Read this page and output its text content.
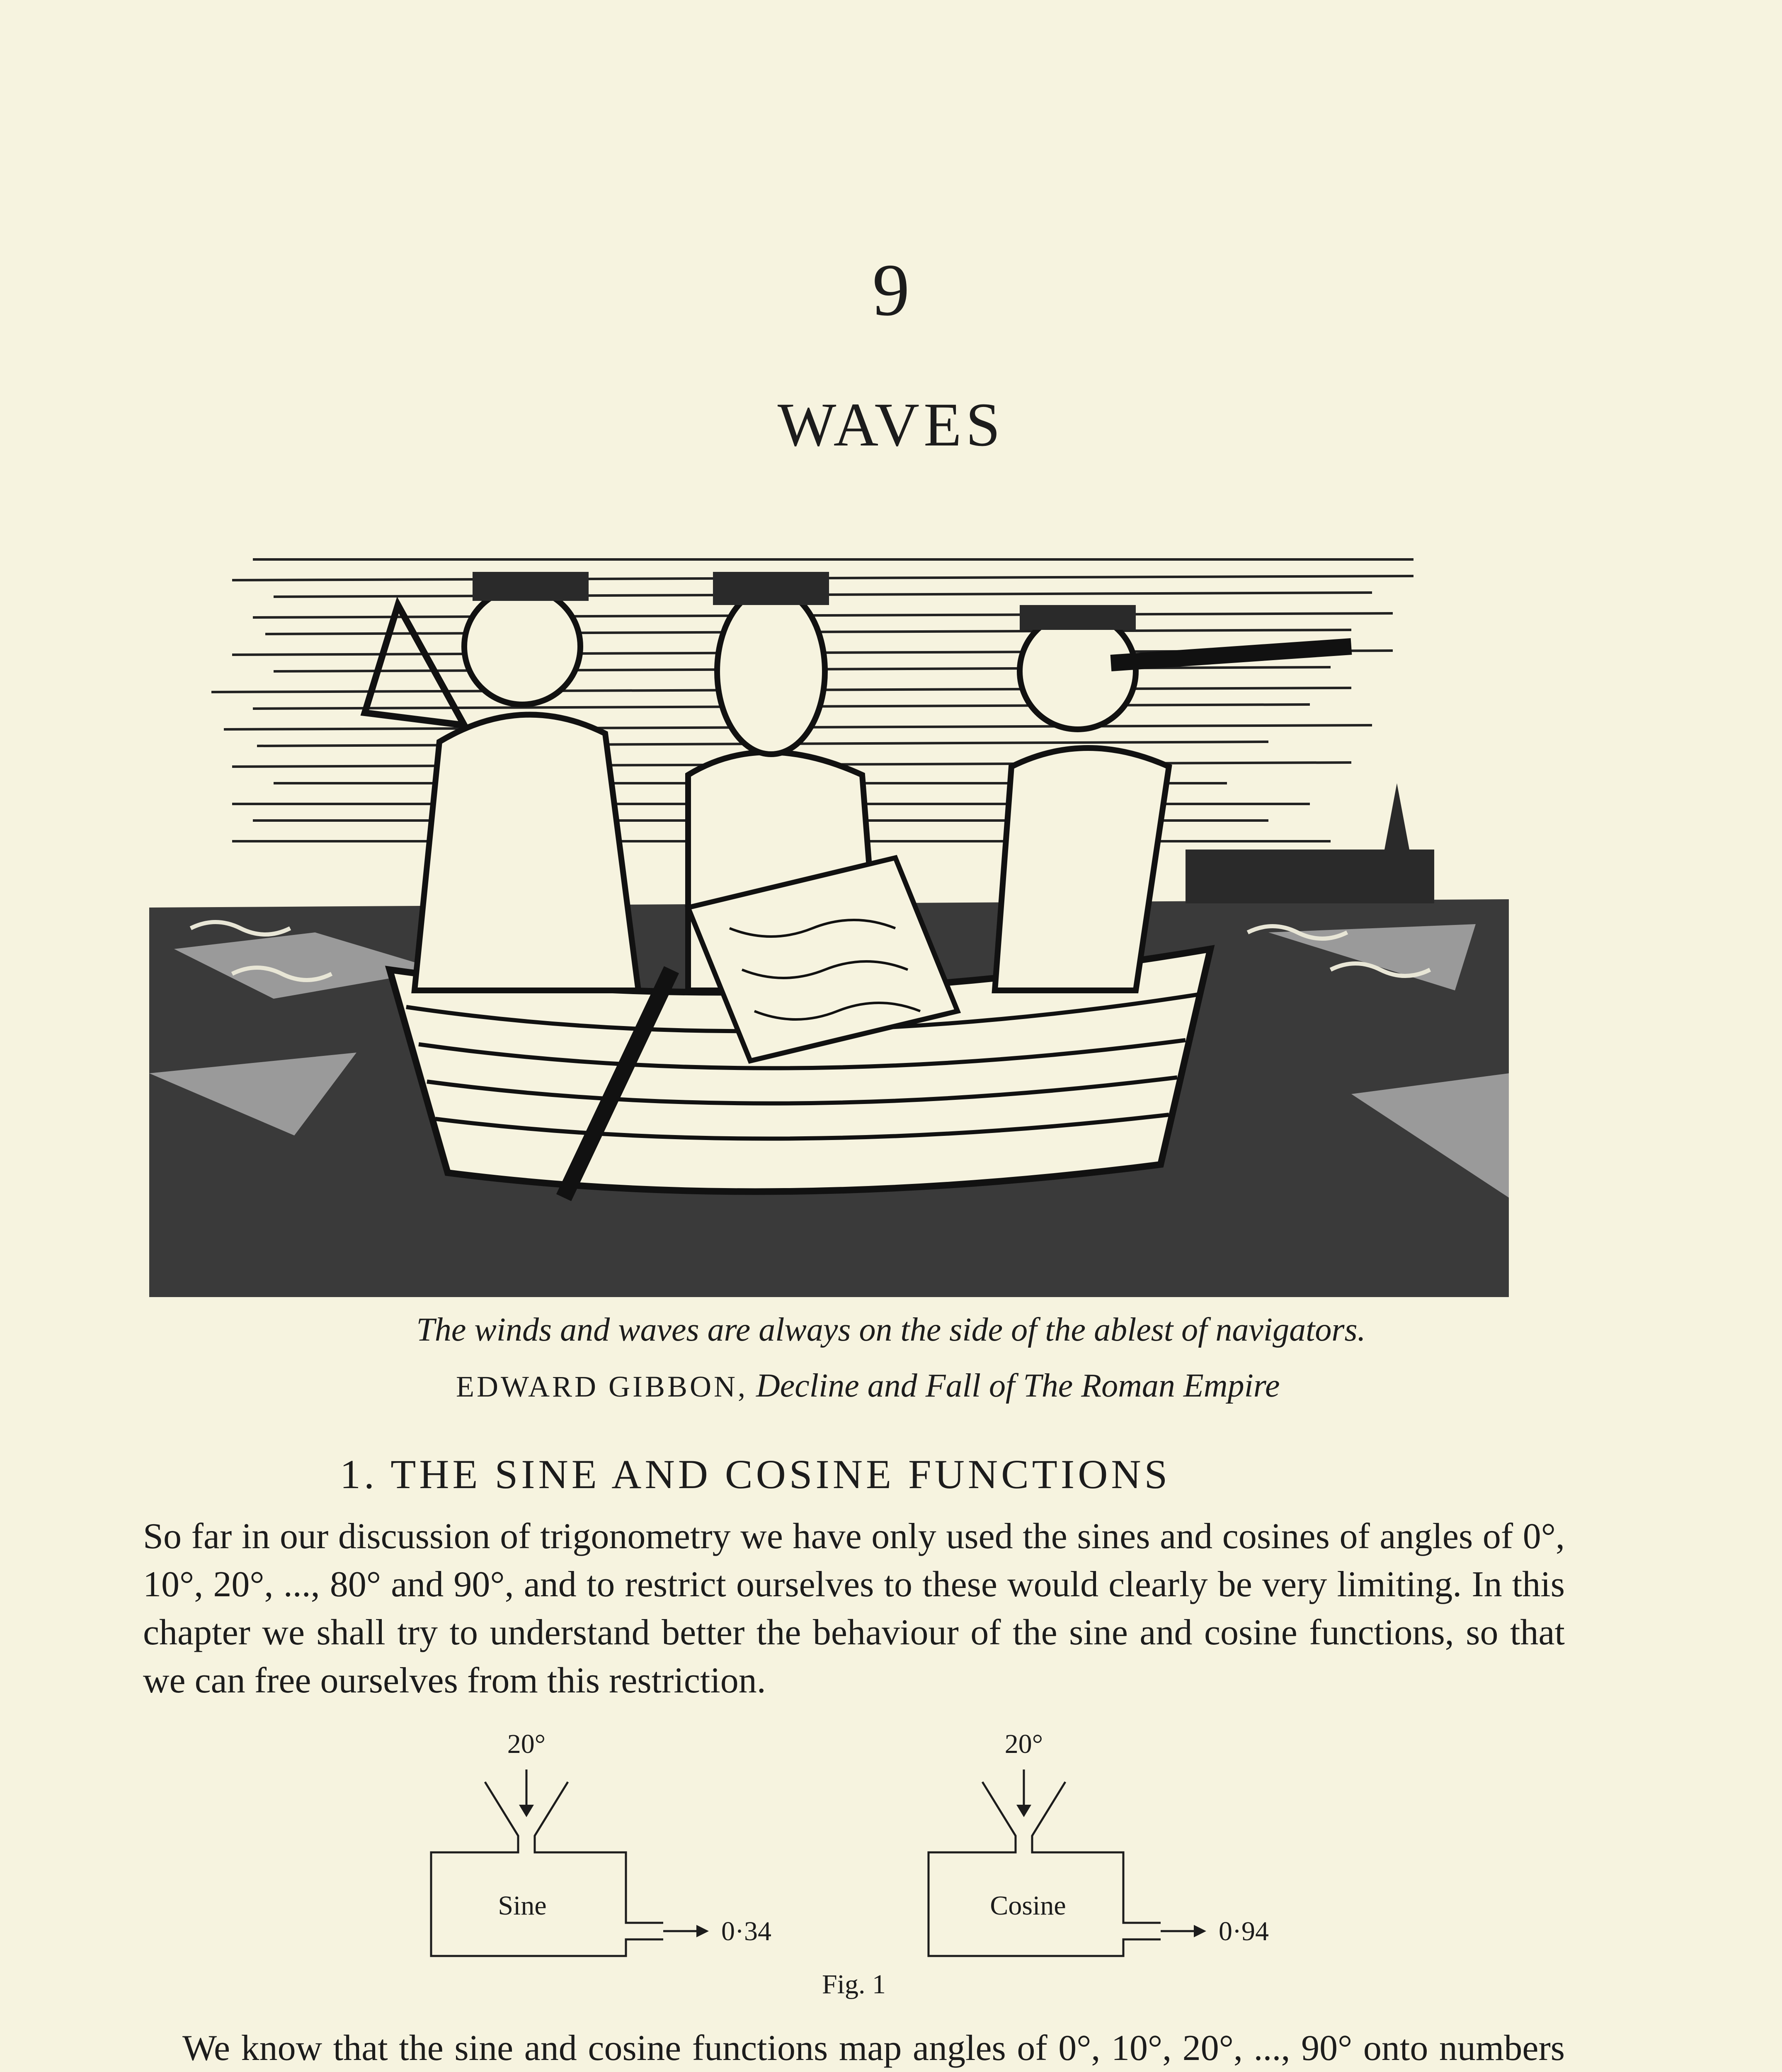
9
WAVES
The winds and waves are always on the side of the ablest of navigators.
EDWARD GIBBON, Decline and Fall of The Roman Empire
1. THE SINE AND COSINE FUNCTIONS

So far in our discussion of trigonometry we have only used the sines and cosines of angles of 0°, 10°, 20°, ..., 80° and 90°, and to restrict ourselves to these would clearly be very limiting. In this chapter we shall try to understand better the behaviour of the sine and cosine functions, so that we can free ourselves from this restriction.

20°
Sine
0·34
20°
Cosine
0·94
Fig. 1

We know that the sine and cosine functions map angles of 0°, 10°, 20°, ..., 90° onto numbers
